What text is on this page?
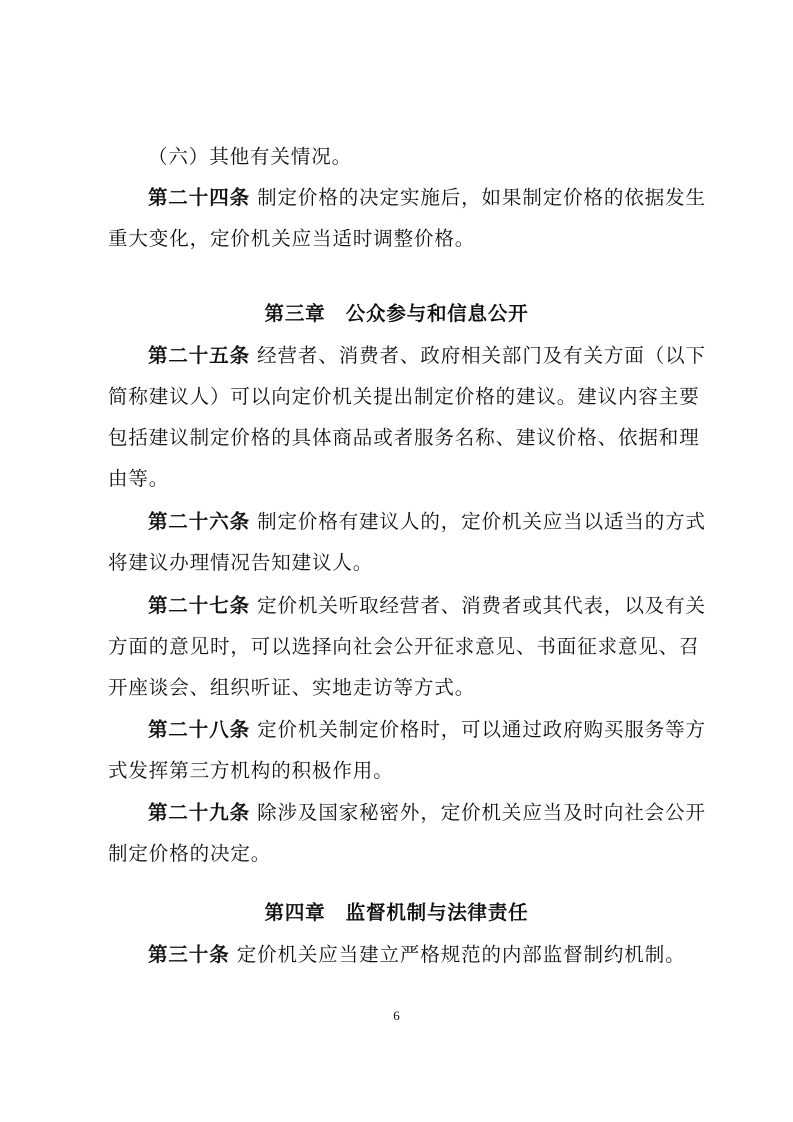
（六）其他有关情况。
第二十四条 制定价格的决定实施后，如果制定价格的依据发生
重大变化，定价机关应当适时调整价格。
第三章　公众参与和信息公开
第二十五条 经营者、消费者、政府相关部门及有关方面（以下
简称建议人）可以向定价机关提出制定价格的建议。建议内容主要
包括建议制定价格的具体商品或者服务名称、建议价格、依据和理
由等。
第二十六条 制定价格有建议人的，定价机关应当以适当的方式
将建议办理情况告知建议人。
第二十七条 定价机关听取经营者、消费者或其代表，以及有关
方面的意见时，可以选择向社会公开征求意见、书面征求意见、召
开座谈会、组织听证、实地走访等方式。
第二十八条 定价机关制定价格时，可以通过政府购买服务等方
式发挥第三方机构的积极作用。
第二十九条 除涉及国家秘密外，定价机关应当及时向社会公开
制定价格的决定。
第四章　监督机制与法律责任
第三十条 定价机关应当建立严格规范的内部监督制约机制。
6
